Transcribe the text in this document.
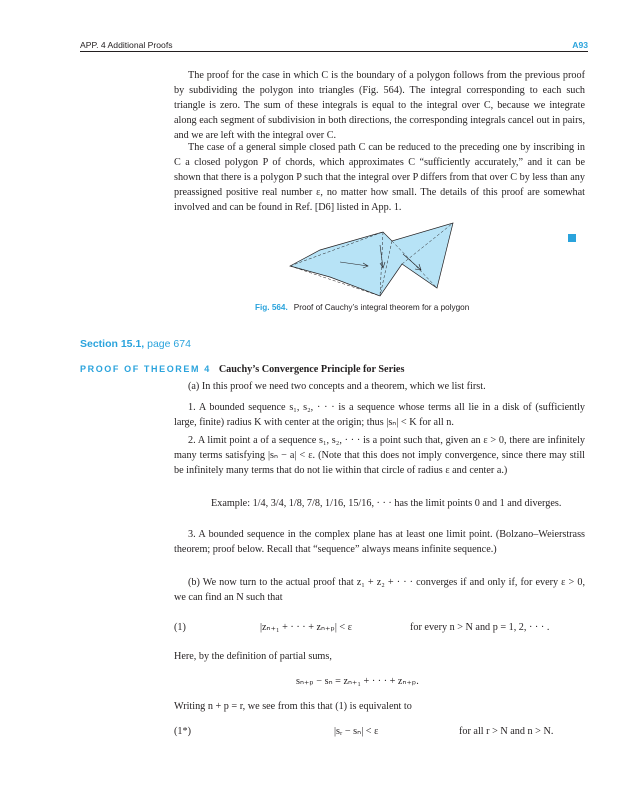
APP. 4 Additional Proofs	A93
The proof for the case in which C is the boundary of a polygon follows from the previous proof by subdividing the polygon into triangles (Fig. 564). The integral corresponding to each such triangle is zero. The sum of these integrals is equal to the integral over C, because we integrate along each segment of subdivision in both directions, the corresponding integrals cancel out in pairs, and we are left with the integral over C.
The case of a general simple closed path C can be reduced to the preceding one by inscribing in C a closed polygon P of chords, which approximates C “sufficiently accurately,” and it can be shown that there is a polygon P such that the integral over P differs from that over C by less than any preassigned positive real number ε, no matter how small. The details of this proof are somewhat involved and can be found in Ref. [D6] listed in App. 1.
Fig. 564. Proof of Cauchy’s integral theorem for a polygon
Section 15.1, page 674
PROOF OF THEOREM 4 Cauchy’s Convergence Principle for Series
(a) In this proof we need two concepts and a theorem, which we list first.
1. A bounded sequence s₁, s₂, · · · is a sequence whose terms all lie in a disk of (sufficiently large, finite) radius K with center at the origin; thus |sₙ| < K for all n.
2. A limit point a of a sequence s₁, s₂, · · · is a point such that, given an ε > 0, there are infinitely many terms satisfying |sₙ − a| < ε. (Note that this does not imply convergence, since there may still be infinitely many terms that do not lie within that circle of radius ε and center a.)
Example: 1/4, 3/4, 1/8, 7/8, 1/16, 15/16, · · · has the limit points 0 and 1 and diverges.
3. A bounded sequence in the complex plane has at least one limit point. (Bolzano–Weierstrass theorem; proof below. Recall that “sequence” always means infinite sequence.)
(b) We now turn to the actual proof that z₁ + z₂ + · · · converges if and only if, for every ε > 0, we can find an N such that
(1)	|zₙ₊₁ + · · · + zₙ₊ₚ| < ε	for every n > N and p = 1, 2, · · · .
Here, by the definition of partial sums,
sₙ₊ₚ − sₙ = zₙ₊₁ + · · · + zₙ₊ₚ.
Writing n + p = r, we see from this that (1) is equivalent to
(1*)	|sᵣ − sₙ| < ε	for all r > N and n > N.
